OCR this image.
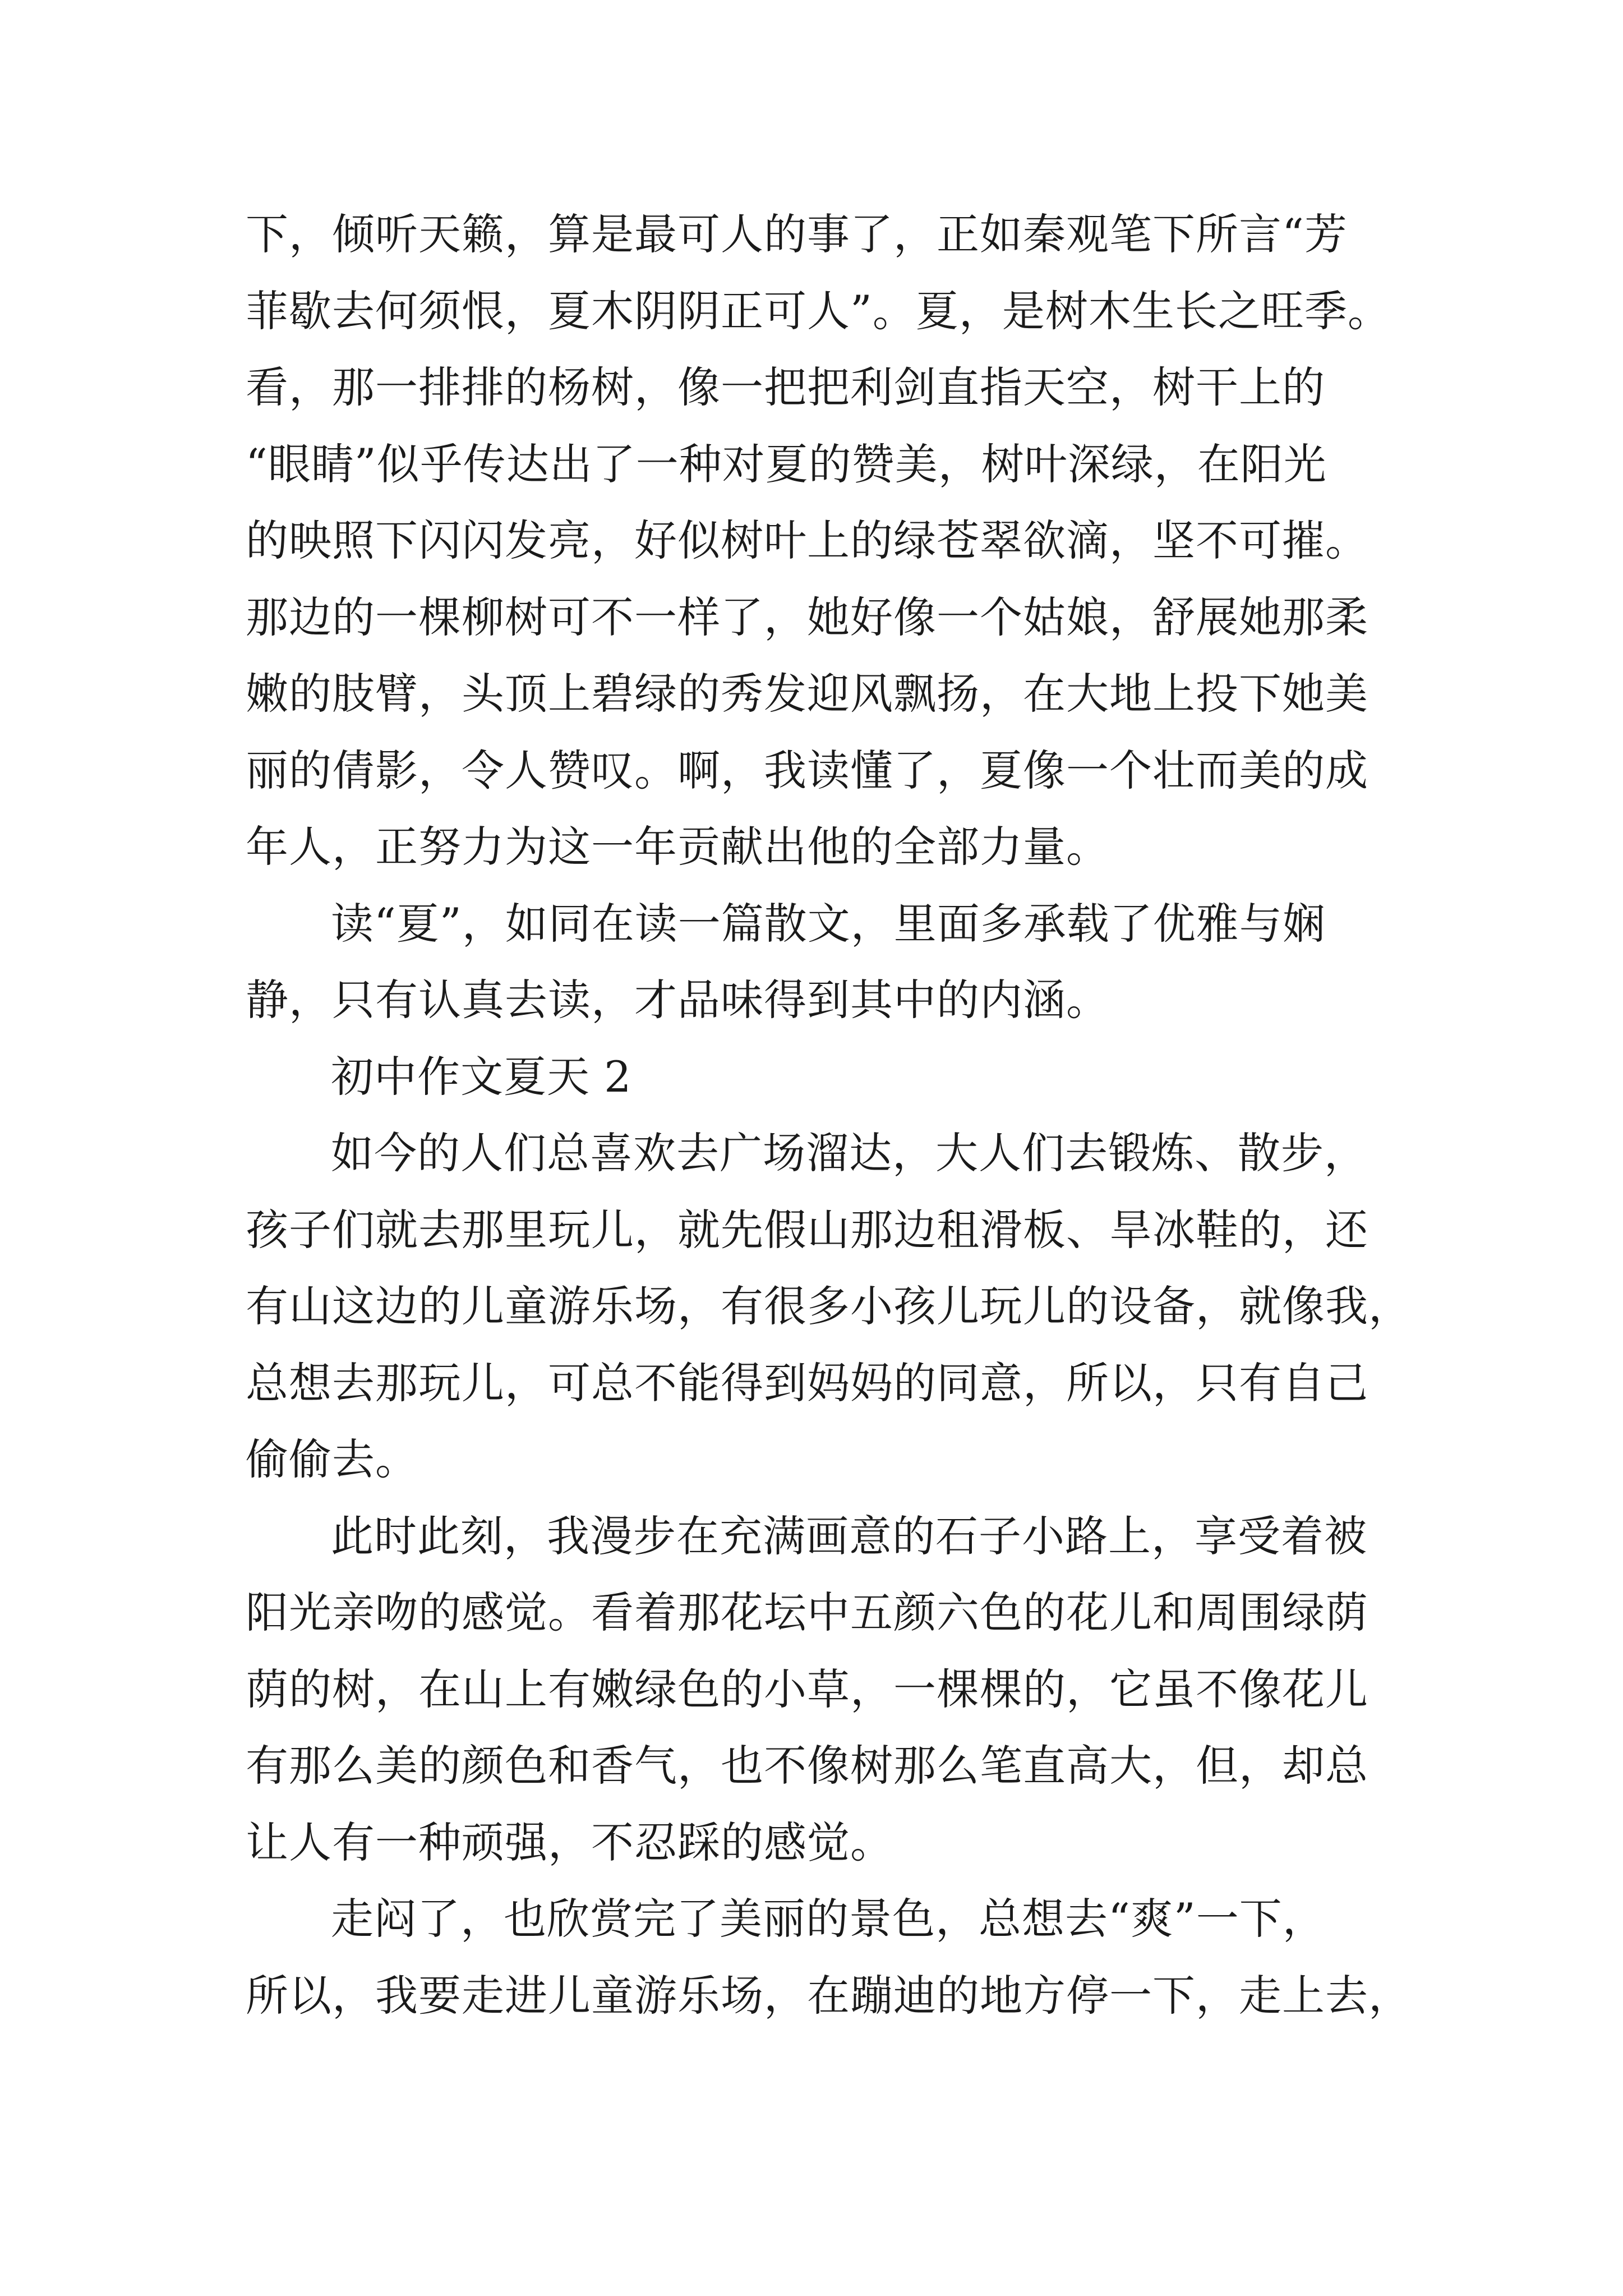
下，倾听天籁，算是最可人的事了，正如秦观笔下所言“芳
菲歇去何须恨，夏木阴阴正可人”。夏，是树木生长之旺季。
看，那一排排的杨树，像一把把利剑直指天空，树干上的
“眼睛”似乎传达出了一种对夏的赞美，树叶深绿，在阳光
的映照下闪闪发亮，好似树叶上的绿苍翠欲滴，坚不可摧。
那边的一棵柳树可不一样了，她好像一个姑娘，舒展她那柔
嫩的肢臂，头顶上碧绿的秀发迎风飘扬，在大地上投下她美
丽的倩影，令人赞叹。啊，我读懂了，夏像一个壮而美的成
年人，正努力为这一年贡献出他的全部力量。
读“夏”，如同在读一篇散文，里面多承载了优雅与娴
静，只有认真去读，才品味得到其中的内涵。
初中作文夏天 2
如今的人们总喜欢去广场溜达，大人们去锻炼、散步，
孩子们就去那里玩儿，就先假山那边租滑板、旱冰鞋的，还
有山这边的儿童游乐场，有很多小孩儿玩儿的设备，就像我，
总想去那玩儿，可总不能得到妈妈的同意，所以，只有自己
偷偷去。
此时此刻，我漫步在充满画意的石子小路上，享受着被
阳光亲吻的感觉。看着那花坛中五颜六色的花儿和周围绿荫
荫的树，在山上有嫩绿色的小草，一棵棵的，它虽不像花儿
有那么美的颜色和香气，也不像树那么笔直高大，但，却总
让人有一种顽强，不忍踩的感觉。
走闷了，也欣赏完了美丽的景色，总想去“爽”一下，
所以，我要走进儿童游乐场，在蹦迪的地方停一下，走上去，
